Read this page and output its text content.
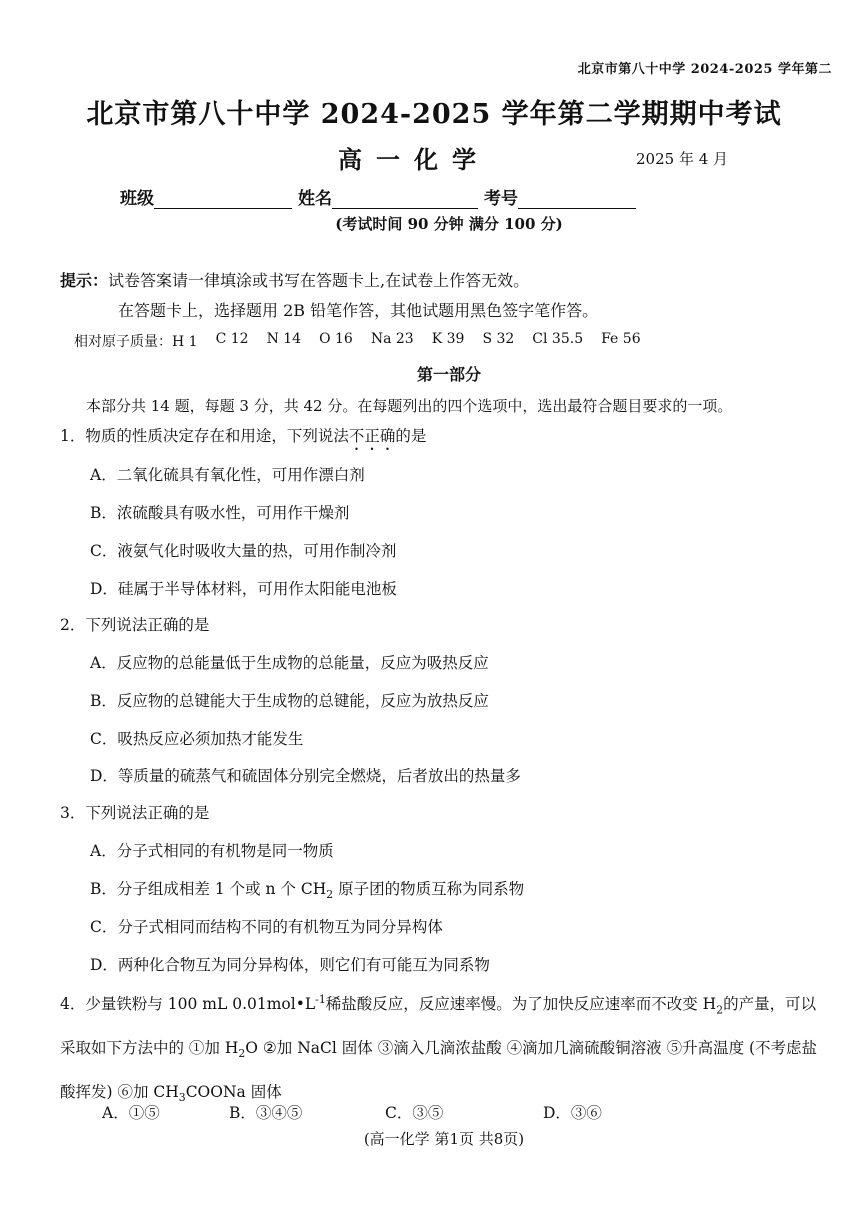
北京市第八十中学 2024-2025 学年第二
北京市第八十中学 2024-2025 学年第二学期期中考试
高一化学	2025 年 4 月
班级	姓名	考号
(考试时间 90 分钟 满分 100 分)
提示：试卷答案请一律填涂或书写在答题卡上,在试卷上作答无效。
在答题卡上，选择题用 2B 铅笔作答，其他试题用黑色签字笔作答。
相对原子质量：H 1 C 12 N 14 O 16 Na 23 K 39 S 32 Cl 35.5 Fe 56
第一部分
本部分共 14 题，每题 3 分，共 42 分。在每题列出的四个选项中，选出最符合题目要求的一项。
1．物质的性质决定存在和用途，下列说法不正确的是
A．二氧化硫具有氧化性，可用作漂白剂
B．浓硫酸具有吸水性，可用作干燥剂
C．液氨气化时吸收大量的热，可用作制冷剂
D．硅属于半导体材料，可用作太阳能电池板
2．下列说法正确的是
A．反应物的总能量低于生成物的总能量，反应为吸热反应
B．反应物的总键能大于生成物的总键能，反应为放热反应
C．吸热反应必须加热才能发生
D．等质量的硫蒸气和硫固体分别完全燃烧，后者放出的热量多
3．下列说法正确的是
A．分子式相同的有机物是同一物质
B．分子组成相差 1 个或 n 个 $CH_2$ 原子团的物质互称为同系物
C．分子式相同而结构不同的有机物互为同分异构体
D．两种化合物互为同分异构体，则它们有可能互为同系物
4．少量铁粉与 100 mL $0.01mol•L^{-1}$稀盐酸反应，反应速率慢。为了加快反应速率而不改变 $H_2$的产量，可以采取如下方法中的 ①加 $H_2O$ ②加 NaCl 固体 ③滴入几滴浓盐酸 ④滴加几滴硫酸铜溶液 ⑤升高温度 (不考虑盐酸挥发) ⑥加 $CH_3COONa$ 固体
A．①⑤	B．③④⑤	C．③⑤	D．③⑥
(高一化学 第1页 共8页)
